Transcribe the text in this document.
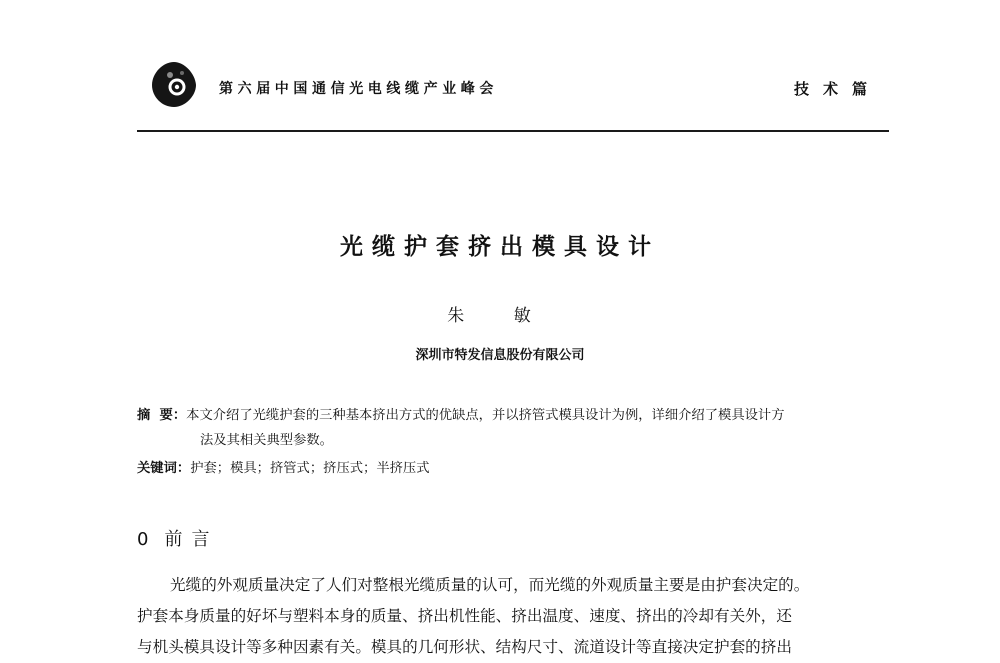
第六届中国通信光电线缆产业峰会	技术篇
光缆护套挤出模具设计
朱 敏
深圳市特发信息股份有限公司
摘  要：本文介绍了光缆护套的三种基本挤出方式的优缺点，并以挤管式模具设计为例，详细介绍了模具设计方
法及其相关典型参数。
关键词：护套；模具；挤管式；挤压式；半挤压式
0 前言
光缆的外观质量决定了人们对整根光缆质量的认可，而光缆的外观质量主要是由护套决定的。
护套本身质量的好坏与塑料本身的质量、挤出机性能、挤出温度、速度、挤出的冷却有关外，还
与机头模具设计等多种因素有关。模具的几何形状、结构尺寸、流道设计等直接决定护套的挤出
